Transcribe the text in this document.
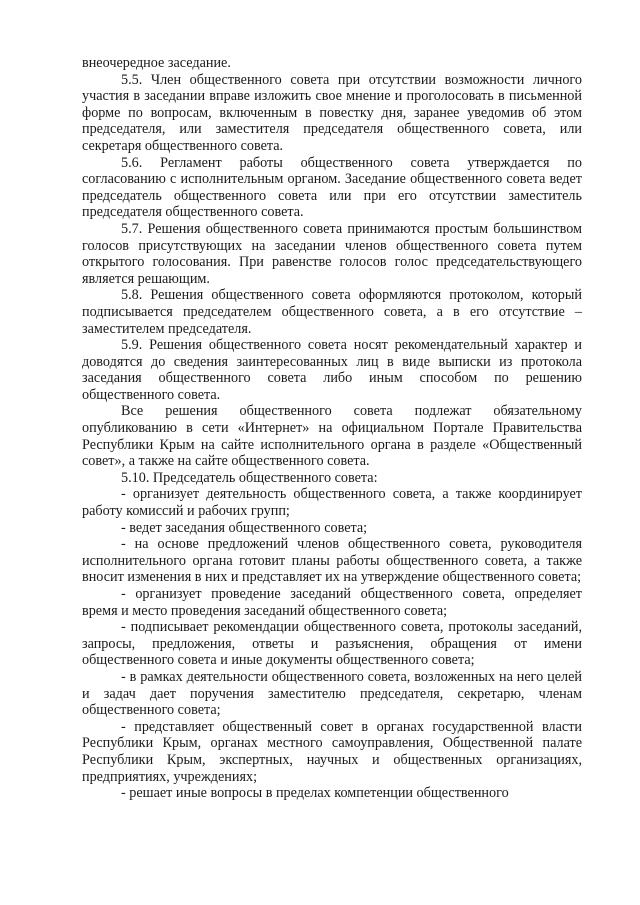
внеочередное заседание.

5.5. Член общественного совета при отсутствии возможности личного участия в заседании вправе изложить свое мнение и проголосовать в письменной форме по вопросам, включенным в повестку дня, заранее уведомив об этом председателя, или заместителя председателя общественного совета, или секретаря общественного совета.

5.6. Регламент работы общественного совета утверждается по согласованию с исполнительным органом. Заседание общественного совета ведет председатель общественного совета или при его отсутствии заместитель председателя общественного совета.

5.7. Решения общественного совета принимаются простым большинством голосов присутствующих на заседании членов общественного совета путем открытого голосования. При равенстве голосов голос председательствующего является решающим.

5.8. Решения общественного совета оформляются протоколом, который подписывается председателем общественного совета, а в его отсутствие – заместителем председателя.

5.9. Решения общественного совета носят рекомендательный характер и доводятся до сведения заинтересованных лиц в виде выписки из протокола заседания общественного совета либо иным способом по решению общественного совета.

Все решения общественного совета подлежат обязательному опубликованию в сети «Интернет» на официальном Портале Правительства Республики Крым на сайте исполнительного органа в разделе «Общественный совет», а также на сайте общественного совета.

5.10. Председатель общественного совета:

- организует деятельность общественного совета, а также координирует работу комиссий и рабочих групп;

- ведет заседания общественного совета;

- на основе предложений членов общественного совета, руководителя исполнительного органа готовит планы работы общественного совета, а также вносит изменения в них и представляет их на утверждение общественного совета;

- организует проведение заседаний общественного совета, определяет время и место проведения заседаний общественного совета;

- подписывает рекомендации общественного совета, протоколы заседаний, запросы, предложения, ответы и разъяснения, обращения от имени общественного совета и иные документы общественного совета;

- в рамках деятельности общественного совета, возложенных на него целей и задач дает поручения заместителю председателя, секретарю, членам общественного совета;

- представляет общественный совет в органах государственной власти Республики Крым, органах местного самоуправления, Общественной палате Республики Крым, экспертных, научных и общественных организациях, предприятиях, учреждениях;

- решает иные вопросы в пределах компетенции общественного
